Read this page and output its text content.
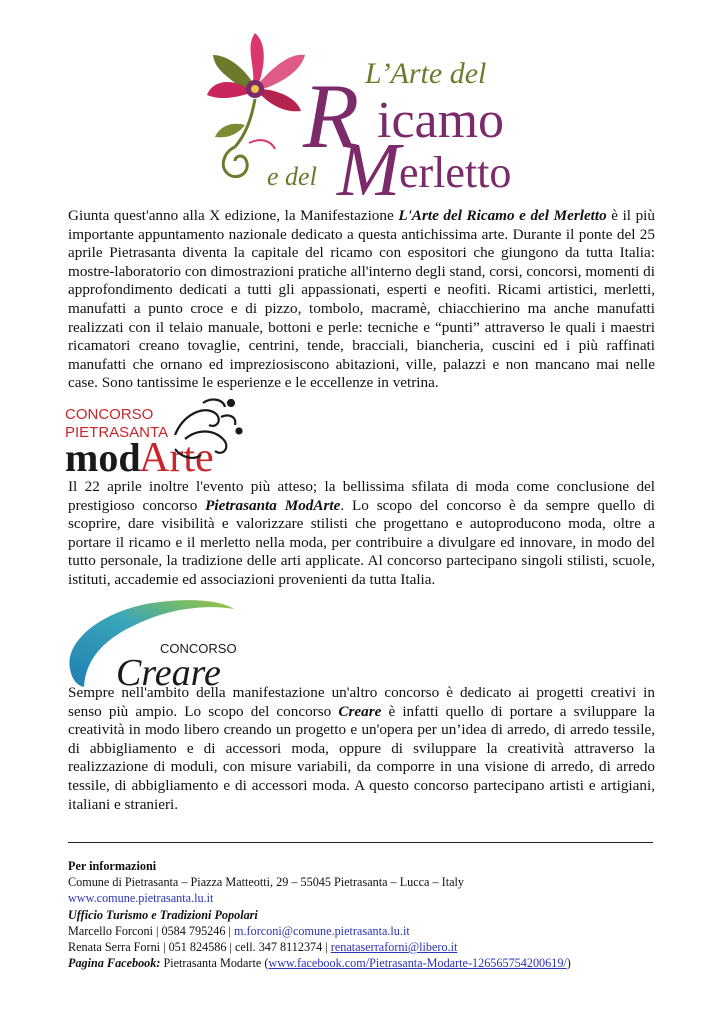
L’Arte del
R icamo
e del M
erletto

Giunta quest'anno alla X edizione, la Manifestazione L'Arte del Ricamo e del Merletto è il più importante appuntamento nazionale dedicato a questa antichissima arte. Durante il ponte del 25 aprile Pietrasanta diventa la capitale del ricamo con espositori che giungono da tutta Italia: mostre-laboratorio con dimostrazioni pratiche all'interno degli stand, corsi, concorsi, momenti di approfondimento dedicati a tutti gli appassionati, esperti e neofiti. Ricami artistici, merletti, manufatti a punto croce e di pizzo, tombolo, macramè, chiacchierino ma anche manufatti realizzati con il telaio manuale, bottoni e perle: tecniche e “punti” attraverso le quali i maestri ricamatori creano tovaglie, centrini, tende, bracciali, biancheria, cuscini ed i più raffinati manufatti che ornano ed impreziosiscono abitazioni, ville, palazzi e non mancano mai nelle case. Sono tantissime le esperienze e le eccellenze in vetrina.

CONCORSO
PIETRASANTA
mod
Arte

Il 22 aprile inoltre l'evento più atteso; la bellissima sfilata di moda come conclusione del prestigioso concorso Pietrasanta ModArte. Lo scopo del concorso è da sempre quello di scoprire, dare visibilità e valorizzare stilisti che progettano e autoproducono moda, oltre a portare il ricamo e il merletto nella moda, per contribuire a divulgare ed innovare, in modo del tutto personale, la tradizione delle arti applicate. Al concorso partecipano singoli stilisti, scuole, istituti, accademie ed associazioni provenienti da tutta Italia.

CONCORSO
Creare

Sempre nell'ambito della manifestazione un'altro concorso è dedicato ai progetti creativi in senso più ampio. Lo scopo del concorso Creare è infatti quello di portare a sviluppare la creatività in modo libero creando un progetto e un'opera per un’idea di arredo, di arredo tessile, di abbigliamento e di accessori moda, oppure di sviluppare la creatività attraverso la realizzazione di moduli, con misure variabili, da comporre in una visione di arredo, di arredo tessile, di abbigliamento e di accessori moda. A questo concorso partecipano artisti e artigiani, italiani e stranieri.

Per informazioni
Comune di Pietrasanta – Piazza Matteotti, 29 – 55045 Pietrasanta – Lucca – Italy
www.comune.pietrasanta.lu.it
Ufficio Turismo e Tradizioni Popolari
Marcello Forconi | 0584 795246 | m.forconi@comune.pietrasanta.lu.it
Renata Serra Forni | 051 824586 | cell. 347 8112374 | renataserraforni@libero.it
Pagina Facebook: Pietrasanta Modarte (www.facebook.com/Pietrasanta-Modarte-126565754200619/)
